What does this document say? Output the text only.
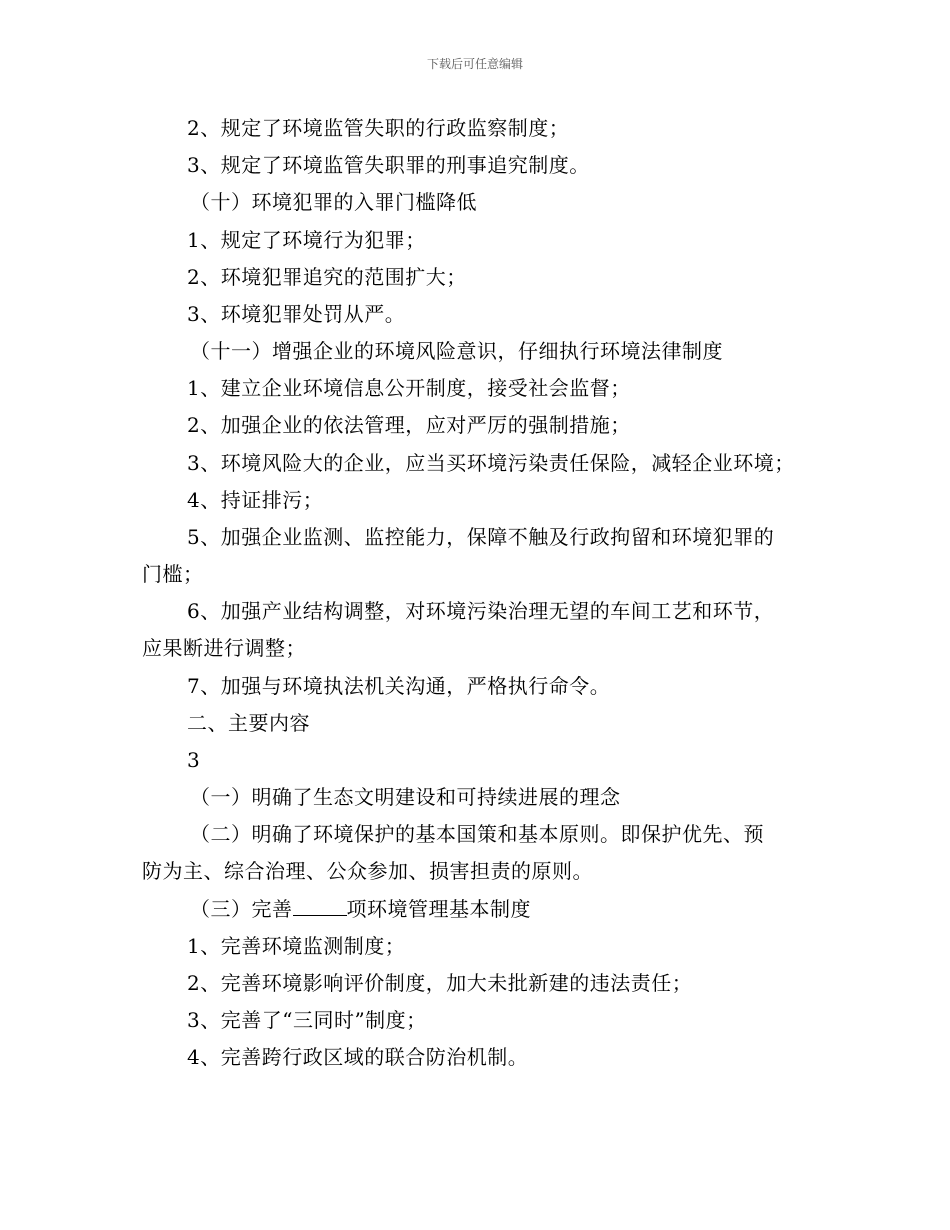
下载后可任意编辑
2、规定了环境监管失职的行政监察制度；
3、规定了环境监管失职罪的刑事追究制度。
（十）环境犯罪的入罪门槛降低
1、规定了环境行为犯罪；
2、环境犯罪追究的范围扩大；
3、环境犯罪处罚从严。
（十一）增强企业的环境风险意识，仔细执行环境法律制度
1、建立企业环境信息公开制度，接受社会监督；
2、加强企业的依法管理，应对严厉的强制措施；
3、环境风险大的企业，应当买环境污染责任保险，减轻企业环境；
4、持证排污；
5、加强企业监测、监控能力，保障不触及行政拘留和环境犯罪的
门槛；
6、加强产业结构调整，对环境污染治理无望的车间工艺和环节，
应果断进行调整；
7、加强与环境执法机关沟通，严格执行命令。
二、主要内容
3
（一）明确了生态文明建设和可持续进展的理念
（二）明确了环境保护的基本国策和基本原则。即保护优先、预
防为主、综合治理、公众参加、损害担责的原则。
（三）完善	项环境管理基本制度
1、完善环境监测制度；
2、完善环境影响评价制度，加大未批新建的违法责任；
3、完善了“三同时”制度；
4、完善跨行政区域的联合防治机制。
